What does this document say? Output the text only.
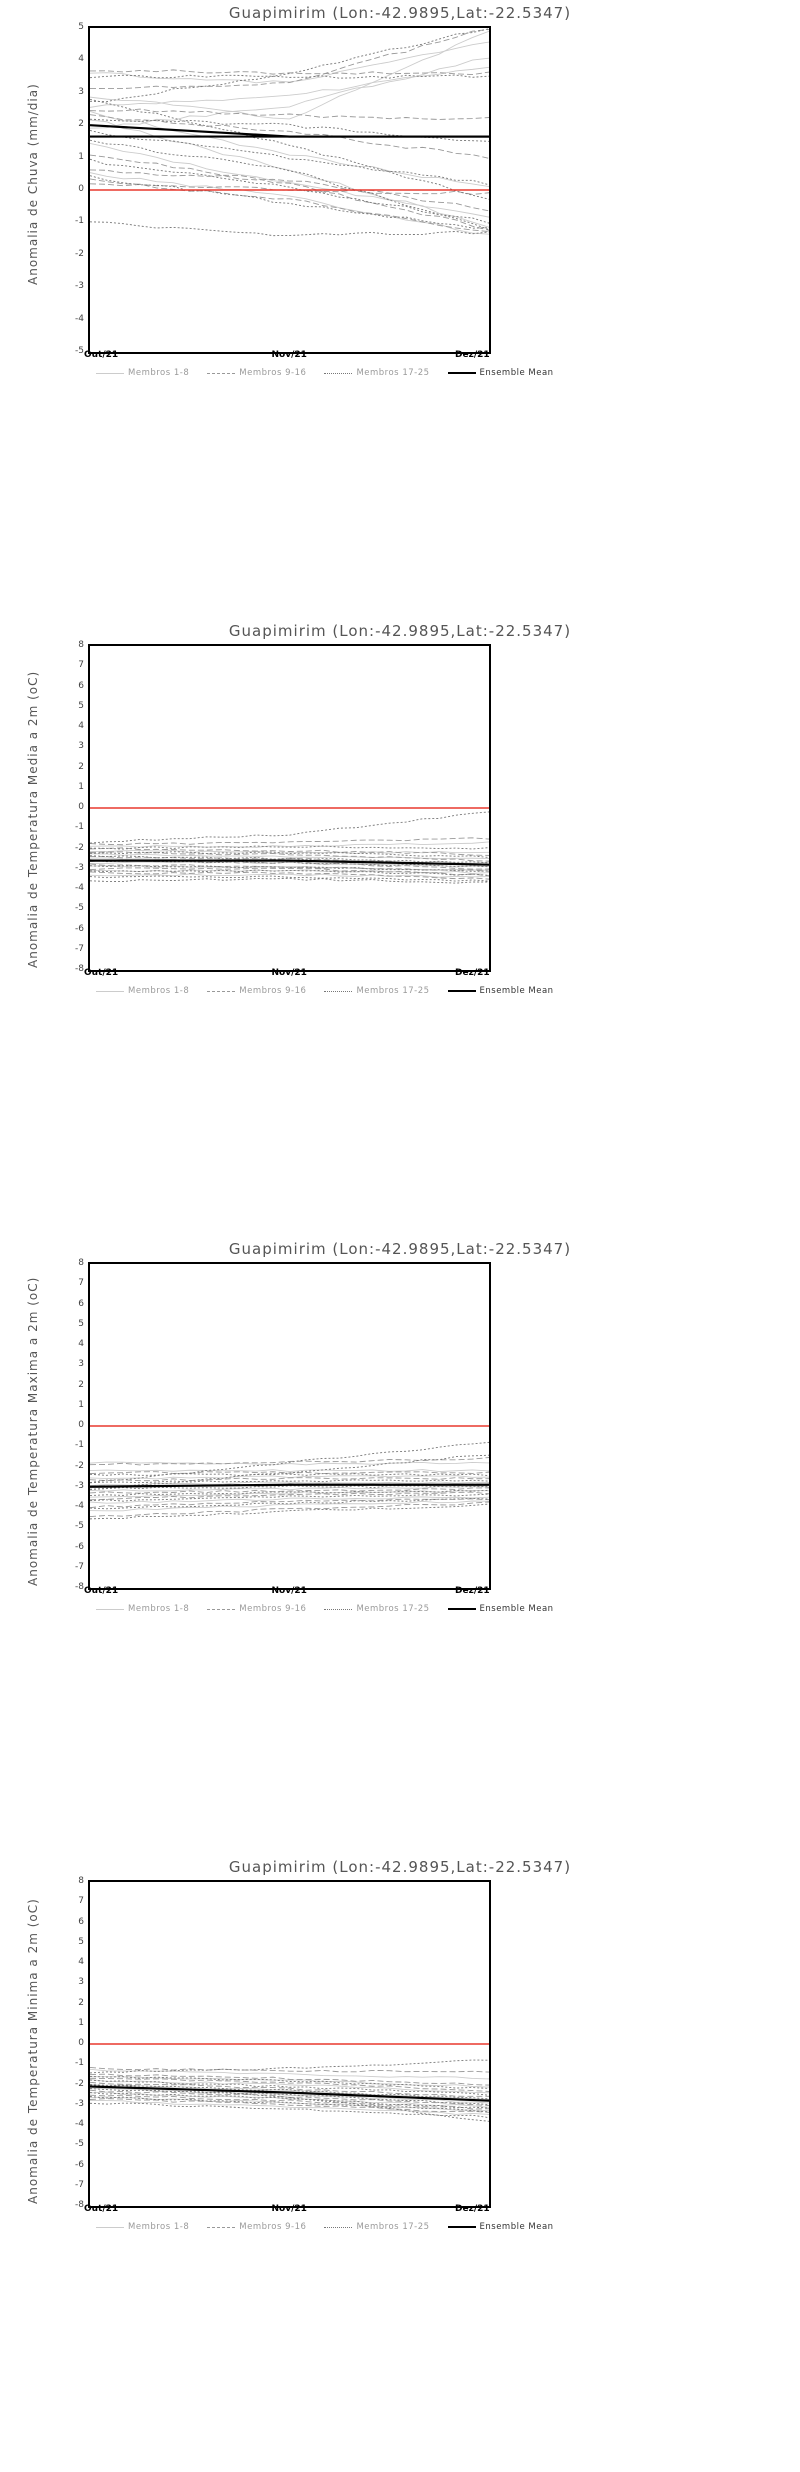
Guapimirim (Lon:-42.9895,Lat:-22.5347)
Anomalia de Chuva (mm/dia)
-5
-4
-3
-2
-1
0
1
2
3
4
5
Out/21	Nov/21	Dez/21
Membros 1-8	Membros 9-16	Membros 17-25	Ensemble Mean
Guapimirim (Lon:-42.9895,Lat:-22.5347)
Anomalia de Temperatura Media a 2m (oC)
-8
-7
-6
-5
-4
-3
-2
-1
0
1
2
3
4
5
6
7
8
Out/21	Nov/21	Dez/21
Membros 1-8	Membros 9-16	Membros 17-25	Ensemble Mean
Guapimirim (Lon:-42.9895,Lat:-22.5347)
Anomalia de Temperatura Maxima a 2m (oC)
-8
-7
-6
-5
-4
-3
-2
-1
0
1
2
3
4
5
6
7
8
Out/21	Nov/21	Dez/21
Membros 1-8	Membros 9-16	Membros 17-25	Ensemble Mean
Guapimirim (Lon:-42.9895,Lat:-22.5347)
Anomalia de Temperatura Minima a 2m (oC)
-8
-7
-6
-5
-4
-3
-2
-1
0
1
2
3
4
5
6
7
8
Out/21	Nov/21	Dez/21
Membros 1-8	Membros 9-16	Membros 17-25	Ensemble Mean
